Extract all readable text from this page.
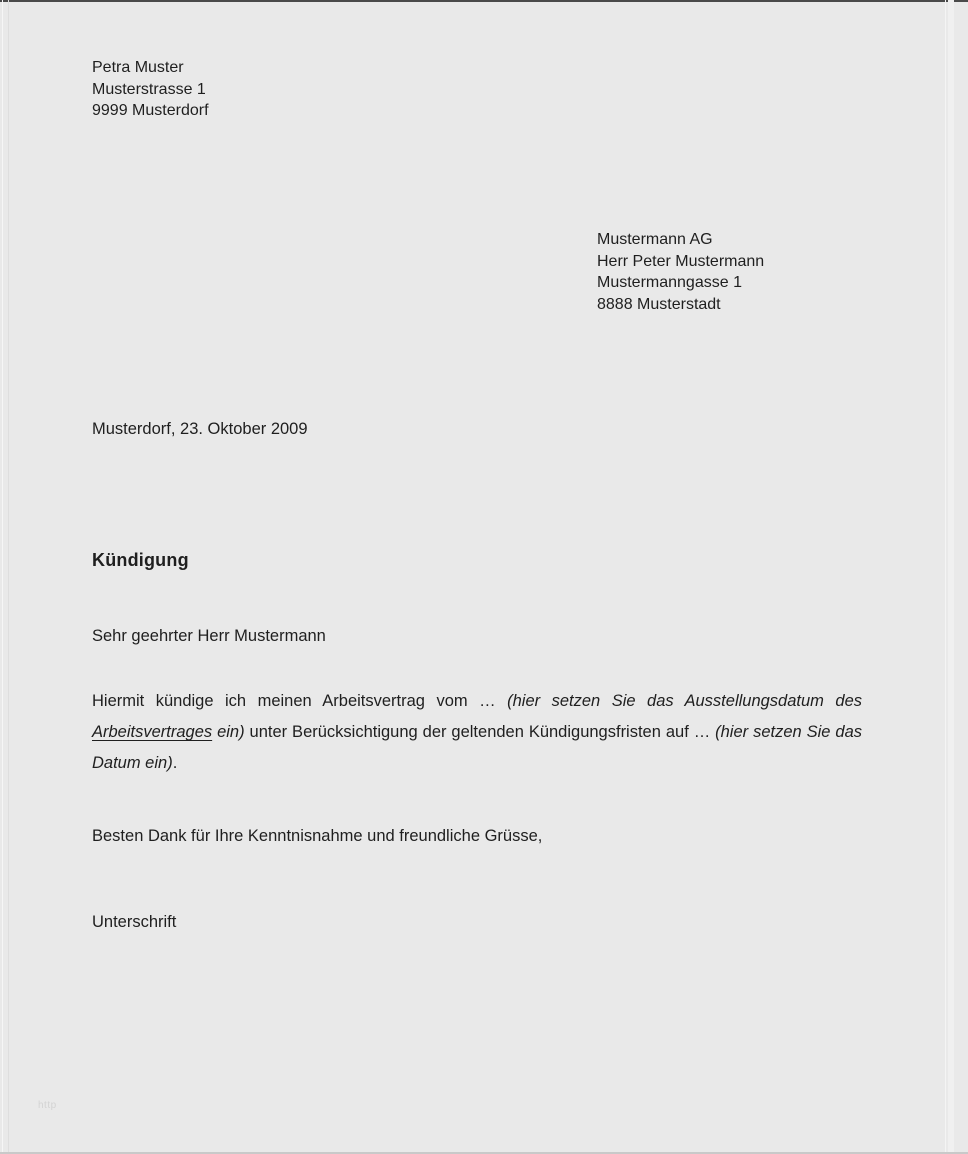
Petra Muster
Musterstrasse 1
9999 Musterdorf
Mustermann AG
Herr Peter Mustermann
Mustermanngasse 1
8888 Musterstadt
Musterdorf, 23. Oktober 2009
Kündigung
Sehr geehrter Herr Mustermann
Hiermit kündige ich meinen Arbeitsvertrag vom … (hier setzen Sie das Ausstellungsdatum des Arbeitsvertrages ein) unter Berücksichtigung der geltenden Kündigungsfristen auf … (hier setzen Sie das Datum ein).
Besten Dank für Ihre Kenntnisnahme und freundliche Grüsse,
Unterschrift
http
